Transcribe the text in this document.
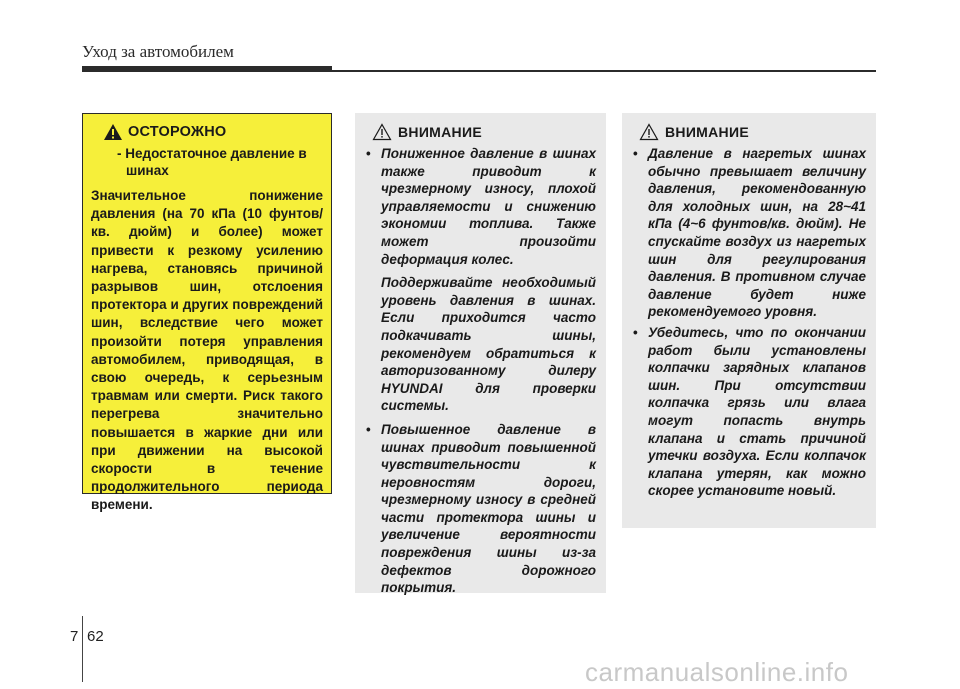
Уход за автомобилем
ОСТОРОЖНО
- Недостаточное давление в шинах
Значительное понижение давления (на 70 кПа (10 фунтов/кв. дюйм) и более) может привести к резкому усилению нагрева, становясь причиной разрывов шин, отслоения протектора и других повреждений шин, вследствие чего может произойти потеря управления автомобилем, приводящая, в свою очередь, к серьезным травмам или смерти. Риск такого перегрева значительно повышается в жаркие дни или при движении на высокой скорости в течение продолжительного периода времени.
ВНИМАНИЕ
• Пониженное давление в шинах также приводит к чрезмерному износу, плохой управляемости и снижению экономии топлива. Также может произойти деформация колес.
Поддерживайте необходимый уровень давления в шинах. Если приходится часто подкачивать шины, рекомендуем обратиться к авторизованному дилеру HYUNDAI для проверки системы.
• Повышенное давление в шинах приводит повышенной чувствительности к неровностям дороги, чрезмерному износу в средней части протектора шины и увеличение вероятности повреждения шины из-за дефектов дорожного покрытия.
ВНИМАНИЕ
• Давление в нагретых шинах обычно превышает величину давления, рекомендованную для холодных шин, на 28~41 кПа (4~6 фунтов/кв. дюйм). Не спускайте воздух из нагретых шин для регулирования давления. В противном случае давление будет ниже рекомендуемого уровня.
• Убедитесь, что по окончании работ были установлены колпачки зарядных клапанов шин. При отсутствии колпачка грязь или влага могут попасть внутрь клапана и стать причиной утечки воздуха. Если колпачок клапана утерян, как можно скорее установите новый.
7 62
carmanualsonline.info
